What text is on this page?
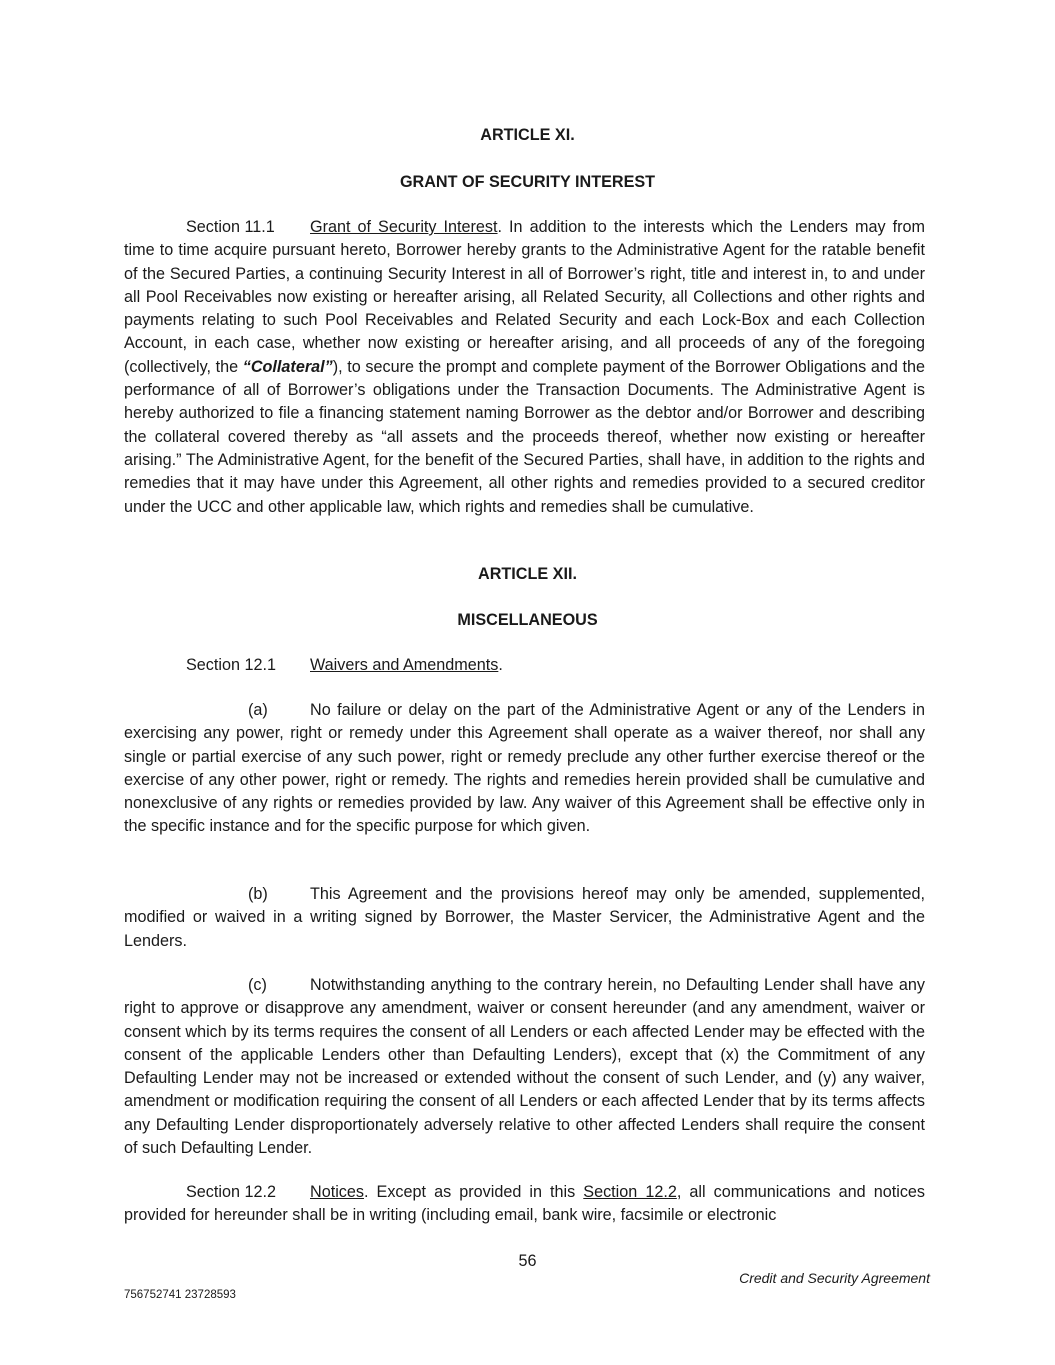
ARTICLE XI.
GRANT OF SECURITY INTEREST
Section 11.1 Grant of Security Interest. In addition to the interests which the Lenders may from time to time acquire pursuant hereto, Borrower hereby grants to the Administrative Agent for the ratable benefit of the Secured Parties, a continuing Security Interest in all of Borrower’s right, title and interest in, to and under all Pool Receivables now existing or hereafter arising, all Related Security, all Collections and other rights and payments relating to such Pool Receivables and Related Security and each Lock-Box and each Collection Account, in each case, whether now existing or hereafter arising, and all proceeds of any of the foregoing (collectively, the “Collateral”), to secure the prompt and complete payment of the Borrower Obligations and the performance of all of Borrower’s obligations under the Transaction Documents. The Administrative Agent is hereby authorized to file a financing statement naming Borrower as the debtor and/or Borrower and describing the collateral covered thereby as “all assets and the proceeds thereof, whether now existing or hereafter arising.” The Administrative Agent, for the benefit of the Secured Parties, shall have, in addition to the rights and remedies that it may have under this Agreement, all other rights and remedies provided to a secured creditor under the UCC and other applicable law, which rights and remedies shall be cumulative.
ARTICLE XII.
MISCELLANEOUS
Section 12.1 Waivers and Amendments.
(a)	No failure or delay on the part of the Administrative Agent or any of the Lenders in exercising any power, right or remedy under this Agreement shall operate as a waiver thereof, nor shall any single or partial exercise of any such power, right or remedy preclude any other further exercise thereof or the exercise of any other power, right or remedy. The rights and remedies herein provided shall be cumulative and nonexclusive of any rights or remedies provided by law. Any waiver of this Agreement shall be effective only in the specific instance and for the specific purpose for which given.
(b)	This Agreement and the provisions hereof may only be amended, supplemented, modified or waived in a writing signed by Borrower, the Master Servicer, the Administrative Agent and the Lenders.
(c)	Notwithstanding anything to the contrary herein, no Defaulting Lender shall have any right to approve or disapprove any amendment, waiver or consent hereunder (and any amendment, waiver or consent which by its terms requires the consent of all Lenders or each affected Lender may be effected with the consent of the applicable Lenders other than Defaulting Lenders), except that (x) the Commitment of any Defaulting Lender may not be increased or extended without the consent of such Lender, and (y) any waiver, amendment or modification requiring the consent of all Lenders or each affected Lender that by its terms affects any Defaulting Lender disproportionately adversely relative to other affected Lenders shall require the consent of such Defaulting Lender.
Section 12.2 Notices. Except as provided in this Section 12.2, all communications and notices provided for hereunder shall be in writing (including email, bank wire, facsimile or electronic
56
Credit and Security Agreement
756752741 23728593
